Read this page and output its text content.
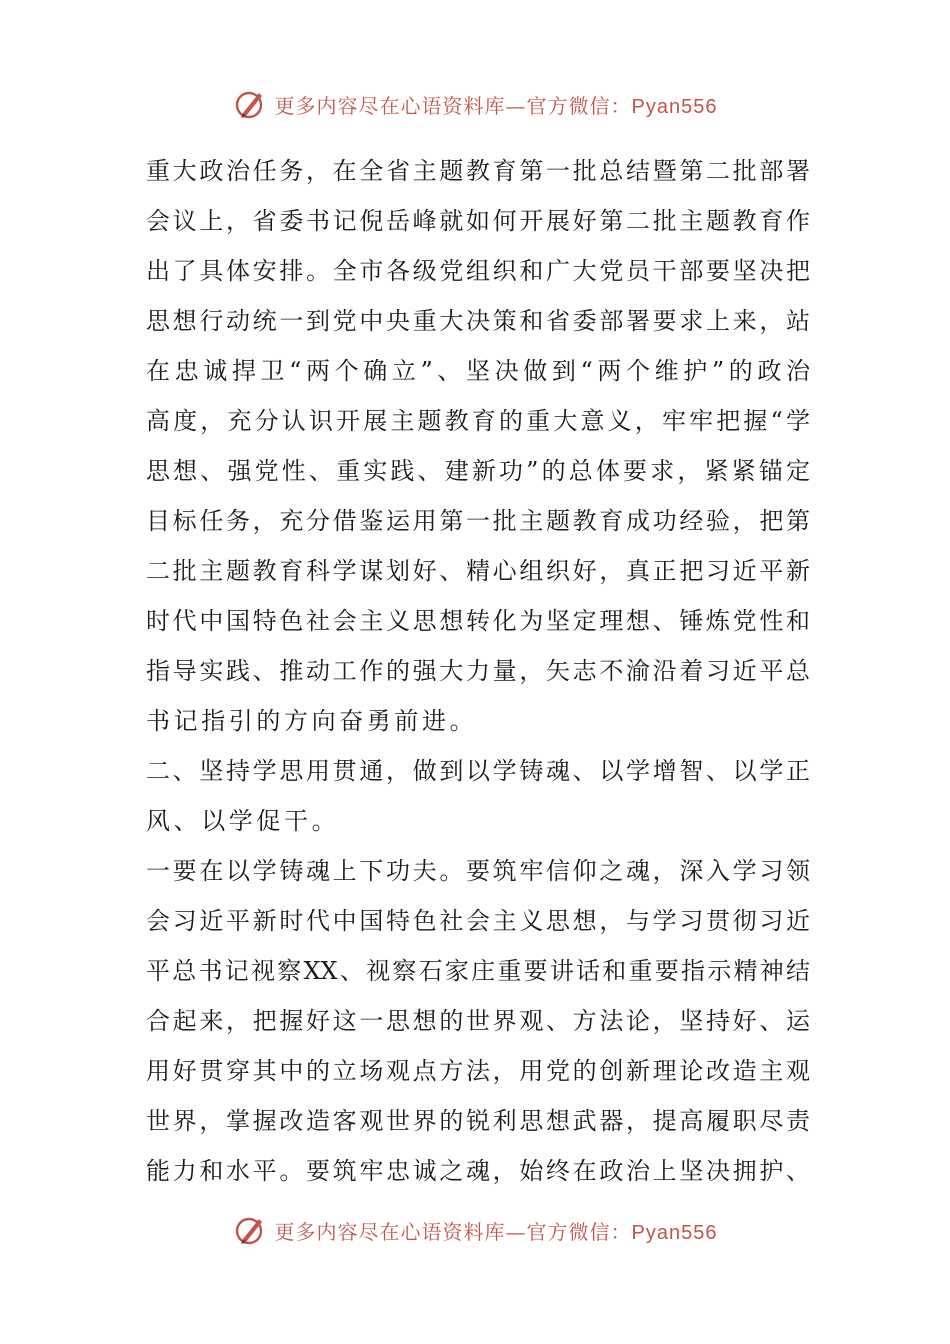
更多内容尽在心语资料库—官方微信：Pyan556
重大政治任务，在全省主题教育第一批总结暨第二批部署
会议上，省委书记倪岳峰就如何开展好第二批主题教育作
出了具体安排。全市各级党组织和广大党员干部要坚决把
思想行动统一到党中央重大决策和省委部署要求上来，站
在忠诚捍卫“两个确立”、坚决做到“两个维护”的政治
高度，充分认识开展主题教育的重大意义，牢牢把握“学
思想、强党性、重实践、建新功”的总体要求，紧紧锚定
目标任务，充分借鉴运用第一批主题教育成功经验，把第
二批主题教育科学谋划好、精心组织好，真正把习近平新
时代中国特色社会主义思想转化为坚定理想、锤炼党性和
指导实践、推动工作的强大力量，矢志不渝沿着习近平总
书记指引的方向奋勇前进。
二、坚持学思用贯通，做到以学铸魂、以学增智、以学正
风、以学促干。
一要在以学铸魂上下功夫。要筑牢信仰之魂，深入学习领
会习近平新时代中国特色社会主义思想，与学习贯彻习近
平总书记视察XX、视察石家庄重要讲话和重要指示精神结
合起来，把握好这一思想的世界观、方法论，坚持好、运
用好贯穿其中的立场观点方法，用党的创新理论改造主观
世界，掌握改造客观世界的锐利思想武器，提高履职尽责
能力和水平。要筑牢忠诚之魂，始终在政治上坚决拥护、
更多内容尽在心语资料库—官方微信：Pyan556
